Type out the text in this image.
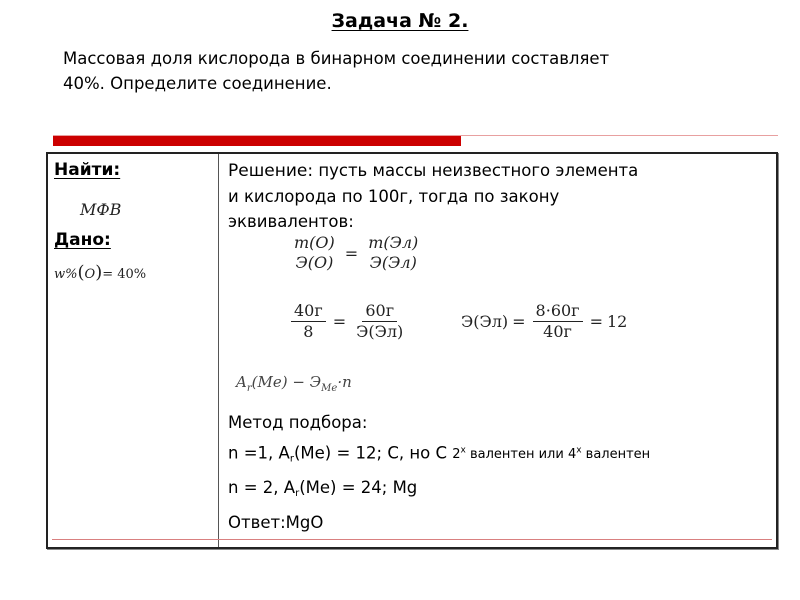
Задача № 2.
Массовая доля кислорода в бинарном соединении составляет
40%. Определите соединение.
Найти:
МФВ
Дано:
w%(O)= 40%
Решение: пусть массы неизвестного элемента
и кислорода по 100г, тогда по закону
эквивалентов:
m(O)
Э(O) =
m(Эл)
Э(Эл)
$\frac{40г}{8} = \frac{60г}{Э(Эл)}$	$Э(Эл) = \frac{8\cdot 60г}{40г} = 12$
$A_r(Me) - Э_{Ме}\cdot n$
Метод подбора:
n =1, $A_r(Me) = 12$; C, но C $2^х$ валентен или $4^х$ валентен
n = 2, $A_r(Me) = 24$; Mg
Ответ:MgO
